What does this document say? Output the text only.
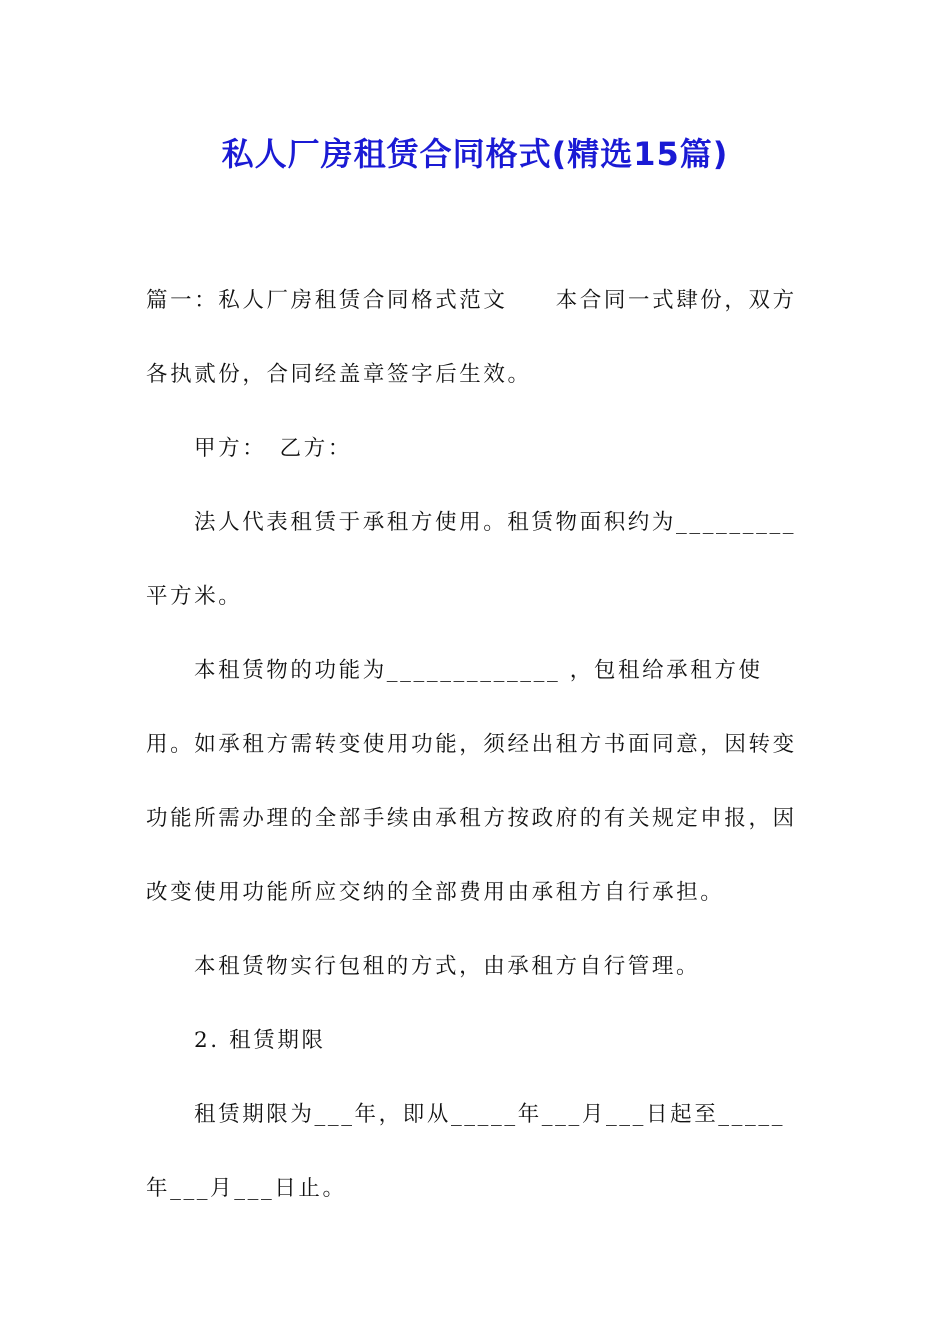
私人厂房租赁合同格式(精选15篇)

篇一：私人厂房租赁合同格式范文　　本合同一式肆份，双方各执贰份，合同经盖章签字后生效。

甲方：　乙方：

法人代表租赁于承租方使用。租赁物面积约为_________平方米。

本租赁物的功能为_____________ ，包租给承租方使用。如承租方需转变使用功能，须经出租方书面同意，因转变功能所需办理的全部手续由承租方按政府的有关规定申报，因改变使用功能所应交纳的全部费用由承租方自行承担。

本租赁物实行包租的方式，由承租方自行管理。

2. 租赁期限

租赁期限为___年，即从_____年___月___日起至_____年___月___日止。
